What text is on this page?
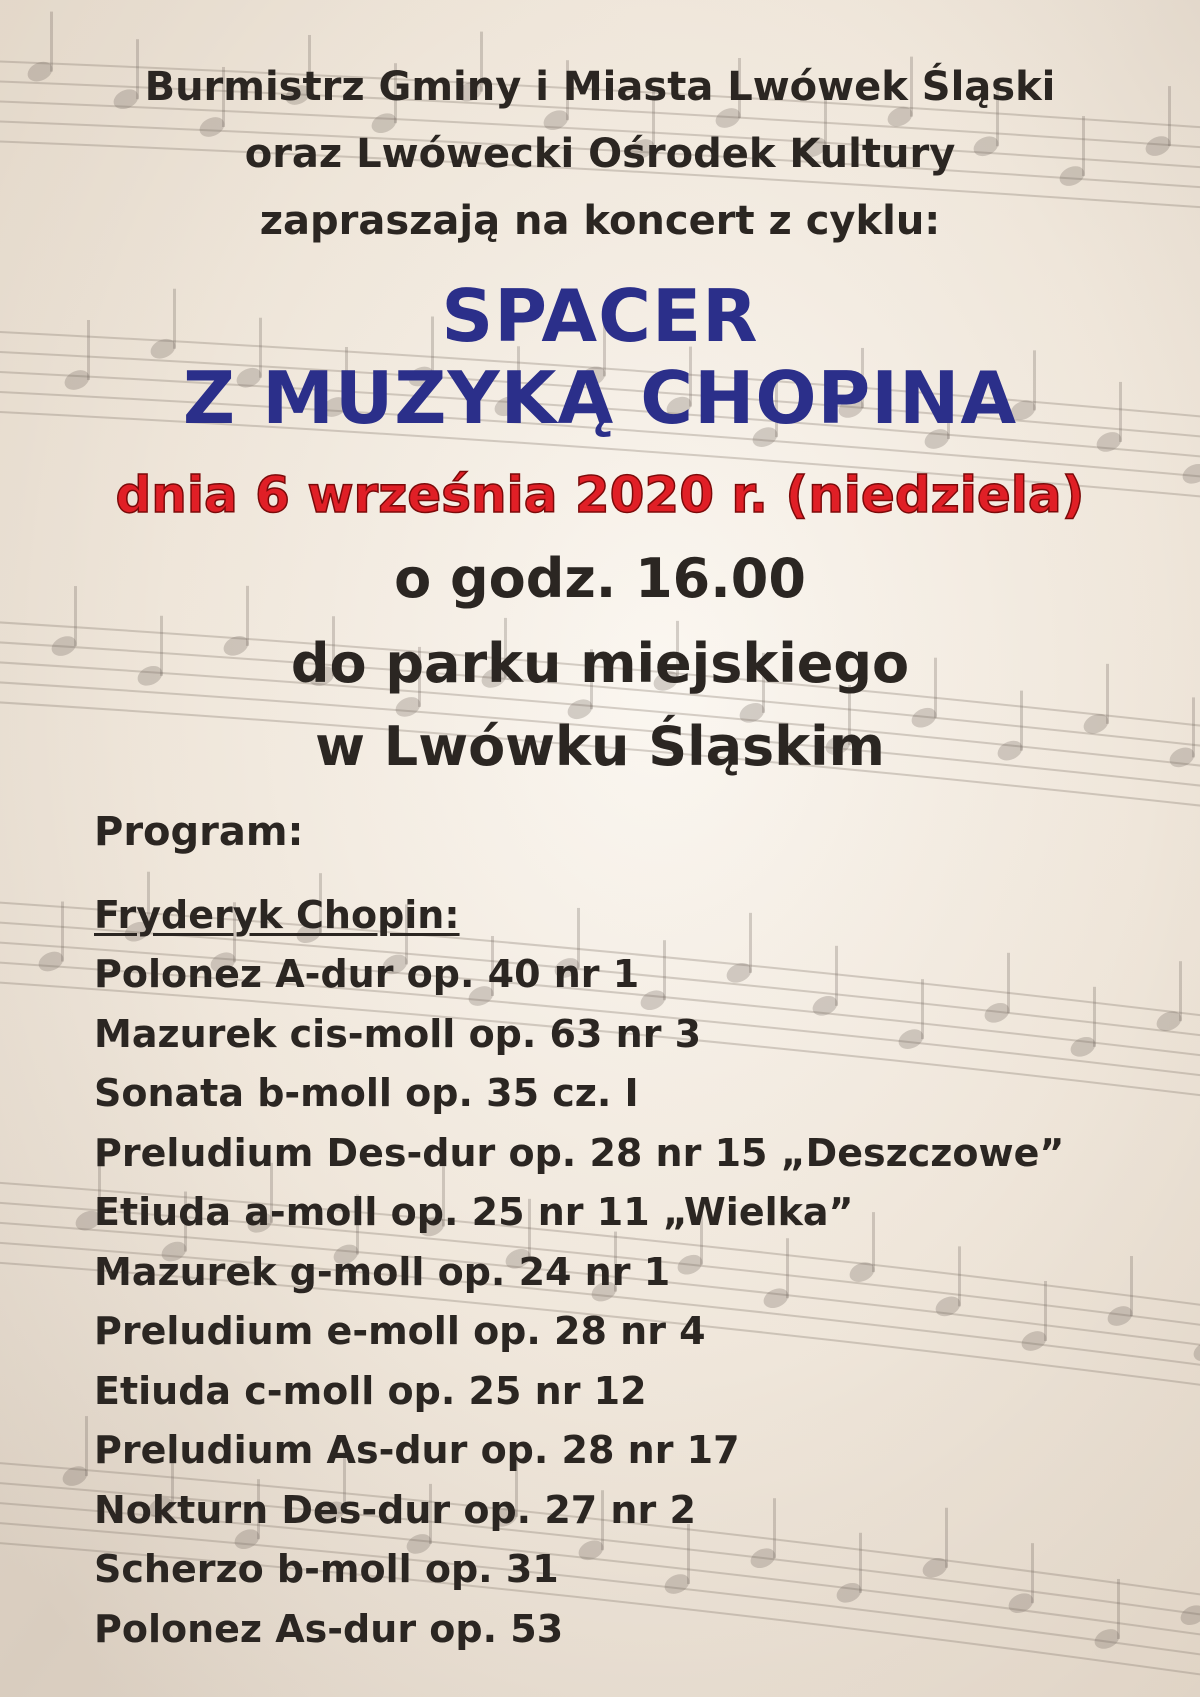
Burmistrz Gminy i Miasta Lwówek Śląski
oraz Lwówecki Ośrodek Kultury
zapraszają na koncert z cyklu:
SPACER
Z MUZYKĄ CHOPINA
dnia 6 września 2020 r. (niedziela)
o godz. 16.00
do parku miejskiego
w Lwówku Śląskim
Program:
Fryderyk Chopin:
Polonez A-dur op. 40 nr 1
Mazurek cis-moll op. 63 nr 3
Sonata b-moll op. 35 cz. I
Preludium Des-dur op. 28 nr 15 „Deszczowe”
Etiuda a-moll op. 25 nr 11 „Wielka”
Mazurek g-moll op. 24 nr 1
Preludium e-moll op. 28 nr 4
Etiuda c-moll op. 25 nr 12
Preludium As-dur op. 28 nr 17
Nokturn Des-dur op. 27 nr 2
Scherzo b-moll op. 31
Polonez As-dur op. 53
